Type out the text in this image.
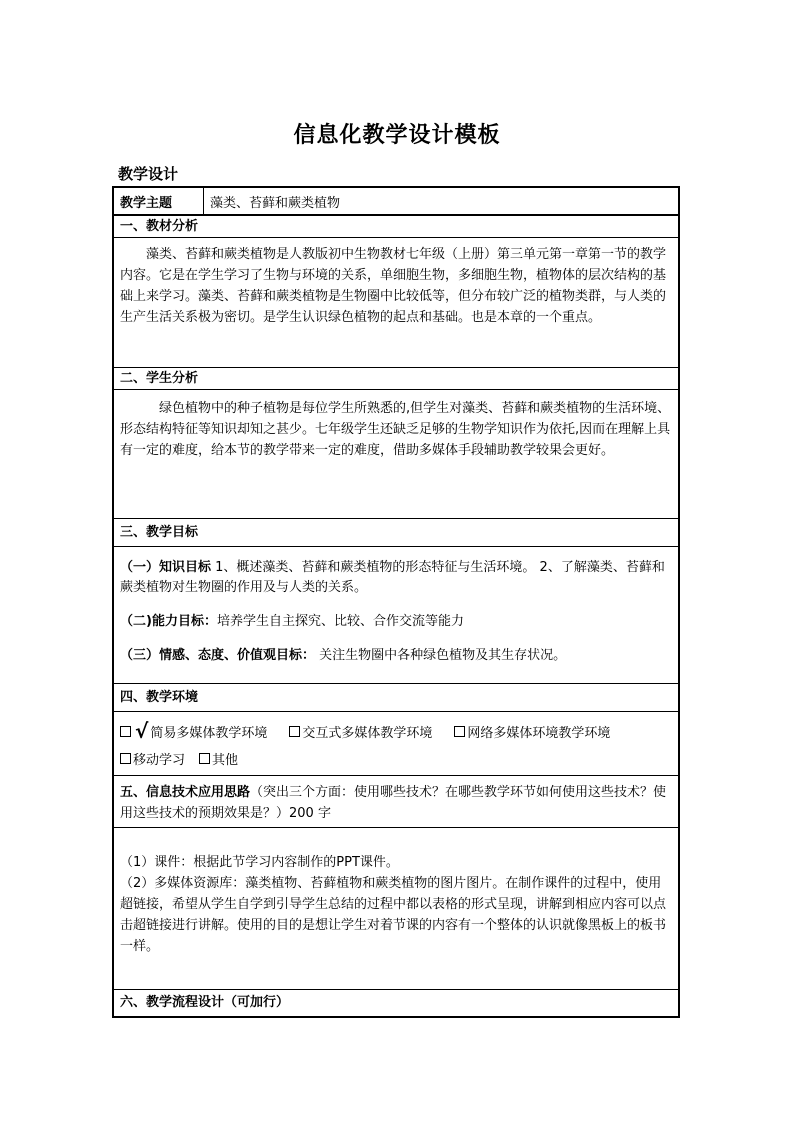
信息化教学设计模板
教学设计
教学主题	藻类、苔藓和蕨类植物
一、教材分析

藻类、苔藓和蕨类植物是人教版初中生物教材七年级（上册）第三单元第一章第一节的教学内容。它是在学生学习了生物与环境的关系，单细胞生物，多细胞生物，植物体的层次结构的基础上来学习。藻类、苔藓和蕨类植物是生物圈中比较低等，但分布较广泛的植物类群，与人类的生产生活关系极为密切。是学生认识绿色植物的起点和基础。也是本章的一个重点。

二、学生分析

绿色植物中的种子植物是每位学生所熟悉的,但学生对藻类、苔藓和蕨类植物的生活环境、形态结构特征等知识却知之甚少。七年级学生还缺乏足够的生物学知识作为依托,因而在理解上具有一定的难度，给本节的教学带来一定的难度，借助多媒体手段辅助教学较果会更好。

三、教学目标
（一）知识目标 1、概述藻类、苔藓和蕨类植物的形态特征与生活环境。 2、了解藻类、苔藓和蕨类植物对生物圈的作用及与人类的关系。
（二)能力目标：培养学生自主探究、比较、合作交流等能力
（三）情感、态度、价值观目标： 关注生物圈中各种绿色植物及其生存状况。
四、教学环境
√ 简易多媒体教学环境	交互式多媒体教学环境	网络多媒体环境教学环境
移动学习 其他
五、信息技术应用思路（突出三个方面：使用哪些技术？在哪些教学环节如何使用这些技术？使用这些技术的预期效果是？）200 字

（1）课件：根据此节学习内容制作的PPT课件。

（2）多媒体资源库：藻类植物、苔藓植物和蕨类植物的图片图片。在制作课件的过程中，使用超链接，希望从学生自学到引导学生总结的过程中都以表格的形式呈现，讲解到相应内容可以点击超链接进行讲解。使用的目的是想让学生对着节课的内容有一个整体的认识就像黑板上的板书一样。

六、教学流程设计（可加行）
